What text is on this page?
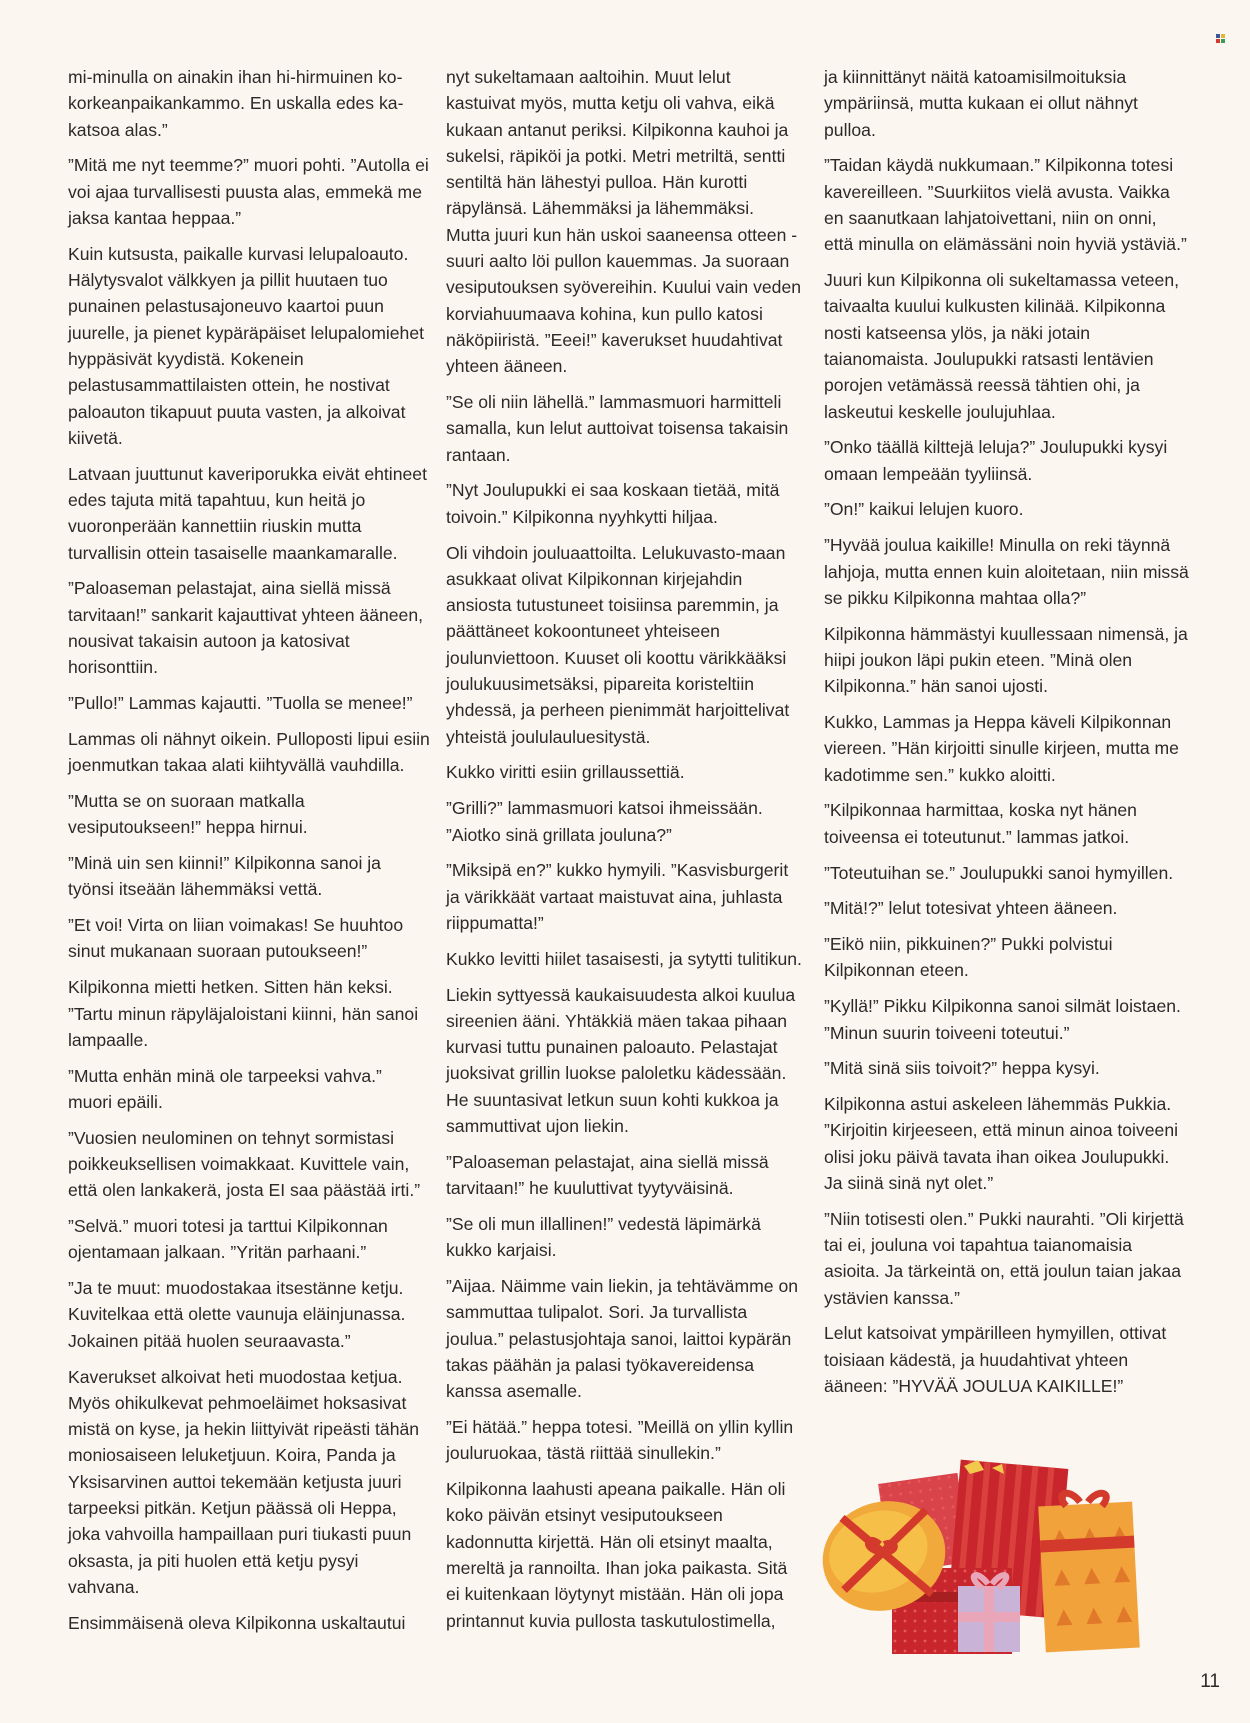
mi-minulla on ainakin ihan hi-hirmuinen ko-korkeanpaikankammo. En uskalla edes ka-katsoa alas.”

”Mitä me nyt teemme?” muori pohti. ”Autolla ei voi ajaa turvallisesti puusta alas, emmekä me jaksa kantaa heppaa.”

Kuin kutsusta, paikalle kurvasi lelupaloauto. Hälytysvalot välkkyen ja pillit huutaen tuo punainen pelastusajoneuvo kaartoi puun juurelle, ja pienet kypäräpäiset lelupalomiehet hyppäsivät kyydistä. Kokenein pelastusammattilaisten ottein, he nostivat paloauton tikapuut puuta vasten, ja alkoivat kiivetä.

Latvaan juuttunut kaveriporukka eivät ehtineet edes tajuta mitä tapahtuu, kun heitä jo vuoronperään kannettiin riuskin mutta turvallisin ottein tasaiselle maankamaralle.

”Paloaseman pelastajat, aina siellä missä tarvitaan!” sankarit kajauttivat yhteen ääneen, nousivat takaisin autoon ja katosivat horisonttiin.

”Pullo!” Lammas kajautti. ”Tuolla se menee!”

Lammas oli nähnyt oikein. Pulloposti lipui esiin joenmutkan takaa alati kiihtyvällä vauhdilla.

”Mutta se on suoraan matkalla vesiputoukseen!” heppa hirnui.

”Minä uin sen kiinni!” Kilpikonna sanoi ja työnsi itseään lähemmäksi vettä.

”Et voi! Virta on liian voimakas! Se huuhtoo sinut mukanaan suoraan putoukseen!”

Kilpikonna mietti hetken. Sitten hän keksi. ”Tartu minun räpyläjaloistani kiinni, hän sanoi lampaalle.

”Mutta enhän minä ole tarpeeksi vahva.” muori epäili.

”Vuosien neulominen on tehnyt sormistasi poikkeuksellisen voimakkaat. Kuvittele vain, että olen lankakerä, josta EI saa päästää irti.”

”Selvä.” muori totesi ja tarttui Kilpikonnan ojentamaan jalkaan. ”Yritän parhaani.”

”Ja te muut: muodostakaa itsestänne ketju. Kuvitelkaa että olette vaunuja eläinjunassa. Jokainen pitää huolen seuraavasta.”

Kaverukset alkoivat heti muodostaa ketjua. Myös ohikulkevat pehmoeläimet hoksasivat mistä on kyse, ja hekin liittyivät ripeästi tähän moniosaiseen leluketjuun. Koira, Panda ja Yksisarvinen auttoi tekemään ketjusta juuri tarpeeksi pitkän. Ketjun päässä oli Heppa, joka vahvoilla hampaillaan puri tiukasti puun oksasta, ja piti huolen että ketju pysyi vahvana.

Ensimmäisenä oleva Kilpikonna uskaltautui

nyt sukeltamaan aaltoihin. Muut lelut kastuivat myös, mutta ketju oli vahva, eikä kukaan antanut periksi. Kilpikonna kauhoi ja sukelsi, räpiköi ja potki. Metri metriltä, sentti sentiltä hän lähestyi pulloa. Hän kurotti räpylänsä. Lähemmäksi ja lähemmäksi. Mutta juuri kun hän uskoi saaneensa otteen - suuri aalto löi pullon kauemmas. Ja suoraan vesiputouksen syövereihin. Kuului vain veden korviahuumaava kohina, kun pullo katosi näköpiiristä. ”Eeei!” kaverukset huudahtivat yhteen ääneen.

”Se oli niin lähellä.” lammasmuori harmitteli samalla, kun lelut auttoivat toisensa takaisin rantaan.

”Nyt Joulupukki ei saa koskaan tietää, mitä toivoin.” Kilpikonna nyyhkytti hiljaa.

Oli vihdoin jouluaattoilta. Lelukuvasto-maan asukkaat olivat Kilpikonnan kirjejahdin ansiosta tutustuneet toisiinsa paremmin, ja päättäneet kokoontuneet yhteiseen joulunviettoon. Kuuset oli koottu värikkääksi joulukuusimetsäksi, pipareita koristeltiin yhdessä, ja perheen pienimmät harjoittelivat yhteistä joululauluesitystä.

Kukko viritti esiin grillaussettiä.

”Grilli?” lammasmuori katsoi ihmeissään. ”Aiotko sinä grillata jouluna?”

”Miksipä en?” kukko hymyili. ”Kasvisburgerit ja värikkäät vartaat maistuvat aina, juhlasta riippumatta!”

Kukko levitti hiilet tasaisesti, ja sytytti tulitikun.

Liekin syttyessä kaukaisuudesta alkoi kuulua sireenien ääni. Yhtäkkiä mäen takaa pihaan kurvasi tuttu punainen paloauto. Pelastajat juoksivat grillin luokse paloletku kädessään. He suuntasivat letkun suun kohti kukkoa ja sammuttivat ujon liekin.

”Paloaseman pelastajat, aina siellä missä tarvitaan!” he kuuluttivat tyytyväisinä.

”Se oli mun illallinen!” vedestä läpimärkä kukko karjaisi.

”Aijaa. Näimme vain liekin, ja tehtävämme on sammuttaa tulipalot. Sori. Ja turvallista joulua.” pelastusjohtaja sanoi, laittoi kypärän takas päähän ja palasi työkavereidensa kanssa asemalle.

”Ei hätää.” heppa totesi. ”Meillä on yllin kyllin jouluruokaa, tästä riittää sinullekin.”

Kilpikonna laahusti apeana paikalle. Hän oli koko päivän etsinyt vesiputoukseen kadonnutta kirjettä. Hän oli etsinyt maalta, mereltä ja rannoilta. Ihan joka paikasta. Sitä ei kuitenkaan löytynyt mistään. Hän oli jopa printannut kuvia pullosta taskutulostimella,

ja kiinnittänyt näitä katoamisilmoituksia ympäriinsä, mutta kukaan ei ollut nähnyt pulloa.

”Taidan käydä nukkumaan.” Kilpikonna totesi kavereilleen. ”Suurkiitos vielä avusta. Vaikka en saanutkaan lahjatoivettani, niin on onni, että minulla on elämässäni noin hyviä ystäviä.”

Juuri kun Kilpikonna oli sukeltamassa veteen, taivaalta kuului kulkusten kilinää. Kilpikonna nosti katseensa ylös, ja näki jotain taianomaista. Joulupukki ratsasti lentävien porojen vetämässä reessä tähtien ohi, ja laskeutui keskelle joulujuhlaa.

”Onko täällä kilttejä leluja?” Joulupukki kysyi omaan lempeään tyyliinsä.

”On!” kaikui lelujen kuoro.

”Hyvää joulua kaikille! Minulla on reki täynnä lahjoja, mutta ennen kuin aloitetaan, niin missä se pikku Kilpikonna mahtaa olla?”

Kilpikonna hämmästyi kuullessaan nimensä, ja hiipi joukon läpi pukin eteen. ”Minä olen Kilpikonna.” hän sanoi ujosti.

Kukko, Lammas ja Heppa käveli Kilpikonnan viereen. ”Hän kirjoitti sinulle kirjeen, mutta me kadotimme sen.” kukko aloitti.

”Kilpikonnaa harmittaa, koska nyt hänen toiveensa ei toteutunut.” lammas jatkoi.

”Toteutuihan se.” Joulupukki sanoi hymyillen.

”Mitä!?” lelut totesivat yhteen ääneen.

”Eikö niin, pikkuinen?” Pukki polvistui Kilpikonnan eteen.

”Kyllä!” Pikku Kilpikonna sanoi silmät loistaen. ”Minun suurin toiveeni toteutui.”

”Mitä sinä siis toivoit?” heppa kysyi.

Kilpikonna astui askeleen lähemmäs Pukkia. ”Kirjoitin kirjeeseen, että minun ainoa toiveeni olisi joku päivä tavata ihan oikea Joulupukki. Ja siinä sinä nyt olet.”

”Niin totisesti olen.” Pukki naurahti. ”Oli kirjettä tai ei, jouluna voi tapahtua taianomaisia asioita. Ja tärkeintä on, että joulun taian jakaa ystävien kanssa.”

Lelut katsoivat ympärilleen hymyillen, ottivat toisiaan kädestä, ja huudahtivat yhteen ääneen: ”HYVÄÄ JOULUA KAIKILLE!”

11
